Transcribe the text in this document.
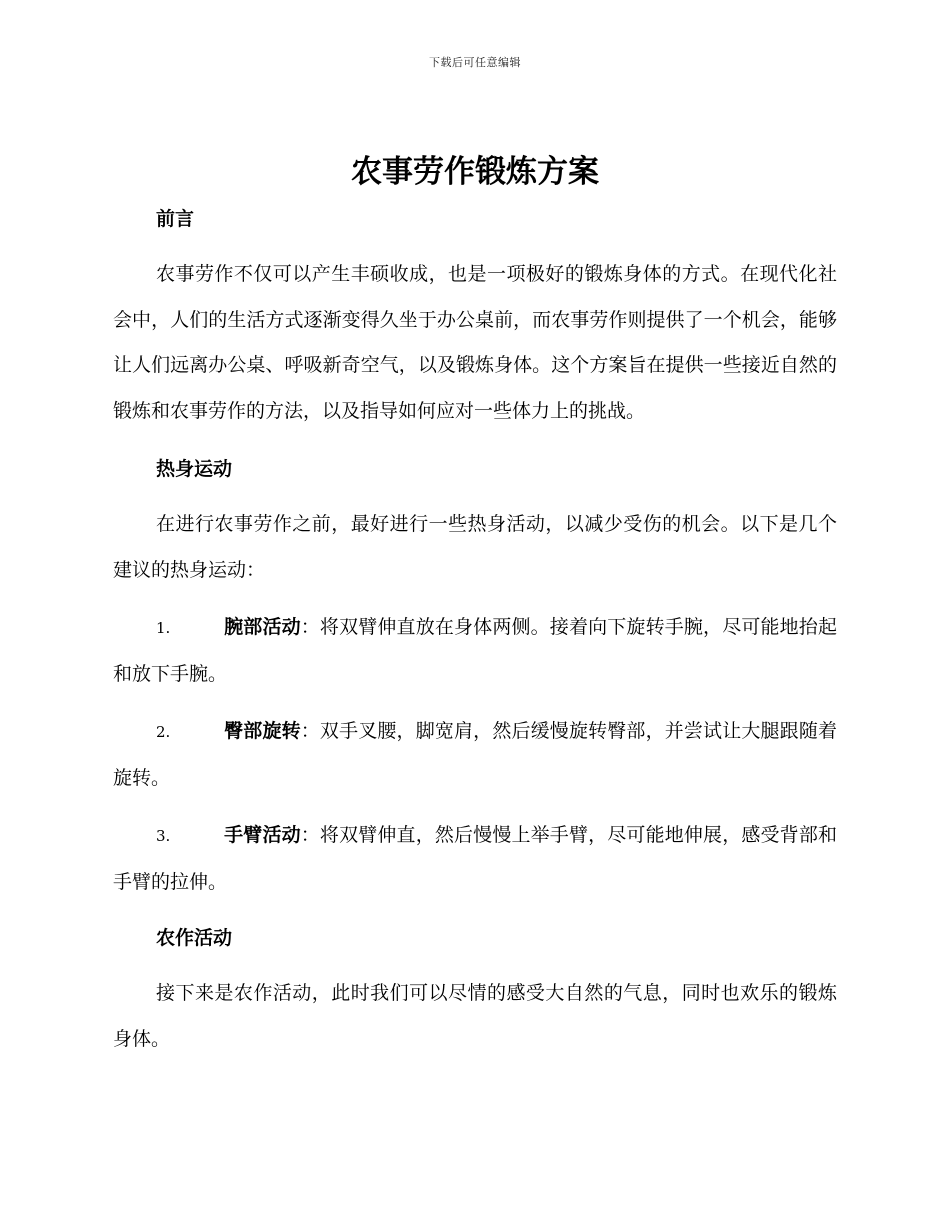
下载后可任意编辑
农事劳作锻炼方案
前言

农事劳作不仅可以产生丰硕收成，也是一项极好的锻炼身体的方式。在现代化社会中，人们的生活方式逐渐变得久坐于办公桌前，而农事劳作则提供了一个机会，能够让人们远离办公桌、呼吸新奇空气，以及锻炼身体。这个方案旨在提供一些接近自然的锻炼和农事劳作的方法，以及指导如何应对一些体力上的挑战。

热身运动

在进行农事劳作之前，最好进行一些热身活动，以减少受伤的机会。以下是几个建议的热身运动：

1.	腕部活动：将双臂伸直放在身体两侧。接着向下旋转手腕，尽可能地抬起和放下手腕。

2.	臀部旋转：双手叉腰，脚宽肩，然后缓慢旋转臀部，并尝试让大腿跟随着旋转。

3.	手臂活动：将双臂伸直，然后慢慢上举手臂，尽可能地伸展，感受背部和手臂的拉伸。

农作活动

接下来是农作活动，此时我们可以尽情的感受大自然的气息，同时也欢乐的锻炼身体。
